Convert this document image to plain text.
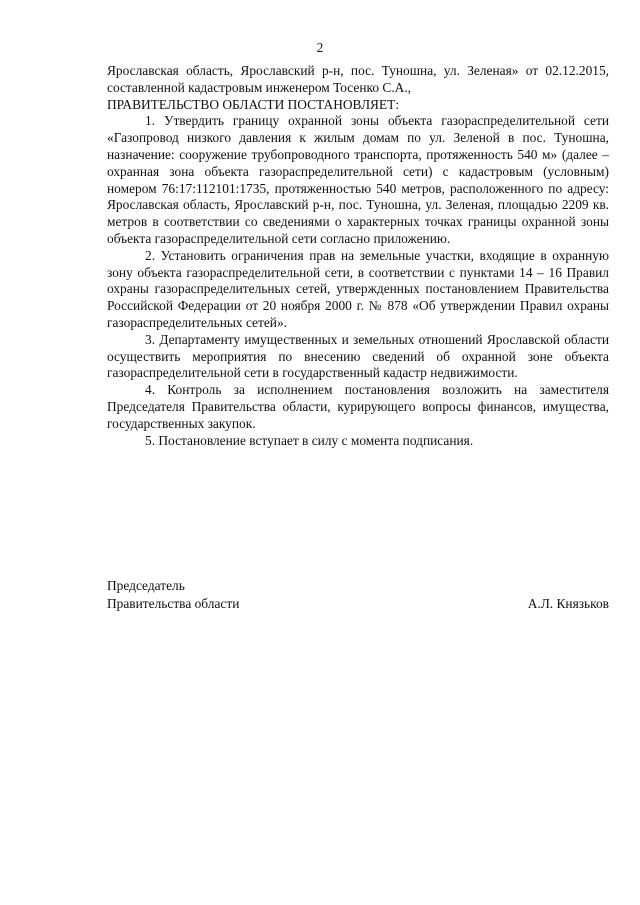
2

Ярославская область, Ярославский р-н, пос. Туношна, ул. Зеленая» от 02.12.2015, составленной кадастровым инженером Тосенко С.А.,

ПРАВИТЕЛЬСТВО ОБЛАСТИ ПОСТАНОВЛЯЕТ:

1. Утвердить границу охранной зоны объекта газораспределительной сети «Газопровод низкого давления к жилым домам по ул. Зеленой в пос. Туношна, назначение: сооружение трубопроводного транспорта, протяженность 540 м» (далее – охранная зона объекта газораспределительной сети) с кадастровым (условным) номером 76:17:112101:1735, протяженностью 540 метров, расположенного по адресу: Ярославская область, Ярославский р-н, пос. Туношна, ул. Зеленая, площадью 2209 кв. метров в соответствии со сведениями о характерных точках границы охранной зоны объекта газораспределительной сети согласно приложению.

2. Установить ограничения прав на земельные участки, входящие в охранную зону объекта газораспределительной сети, в соответствии с пунктами 14 – 16 Правил охраны газораспределительных сетей, утвержденных постановлением Правительства Российской Федерации от 20 ноября 2000 г. № 878 «Об утверждении Правил охраны газораспределительных сетей».

3. Департаменту имущественных и земельных отношений Ярославской области осуществить мероприятия по внесению сведений об охранной зоне объекта газораспределительной сети в государственный кадастр недвижимости.

4. Контроль за исполнением постановления возложить на заместителя Председателя Правительства области, курирующего вопросы финансов, имущества, государственных закупок.

5. Постановление вступает в силу с момента подписания.

Председатель
Правительства области	А.Л. Князьков
